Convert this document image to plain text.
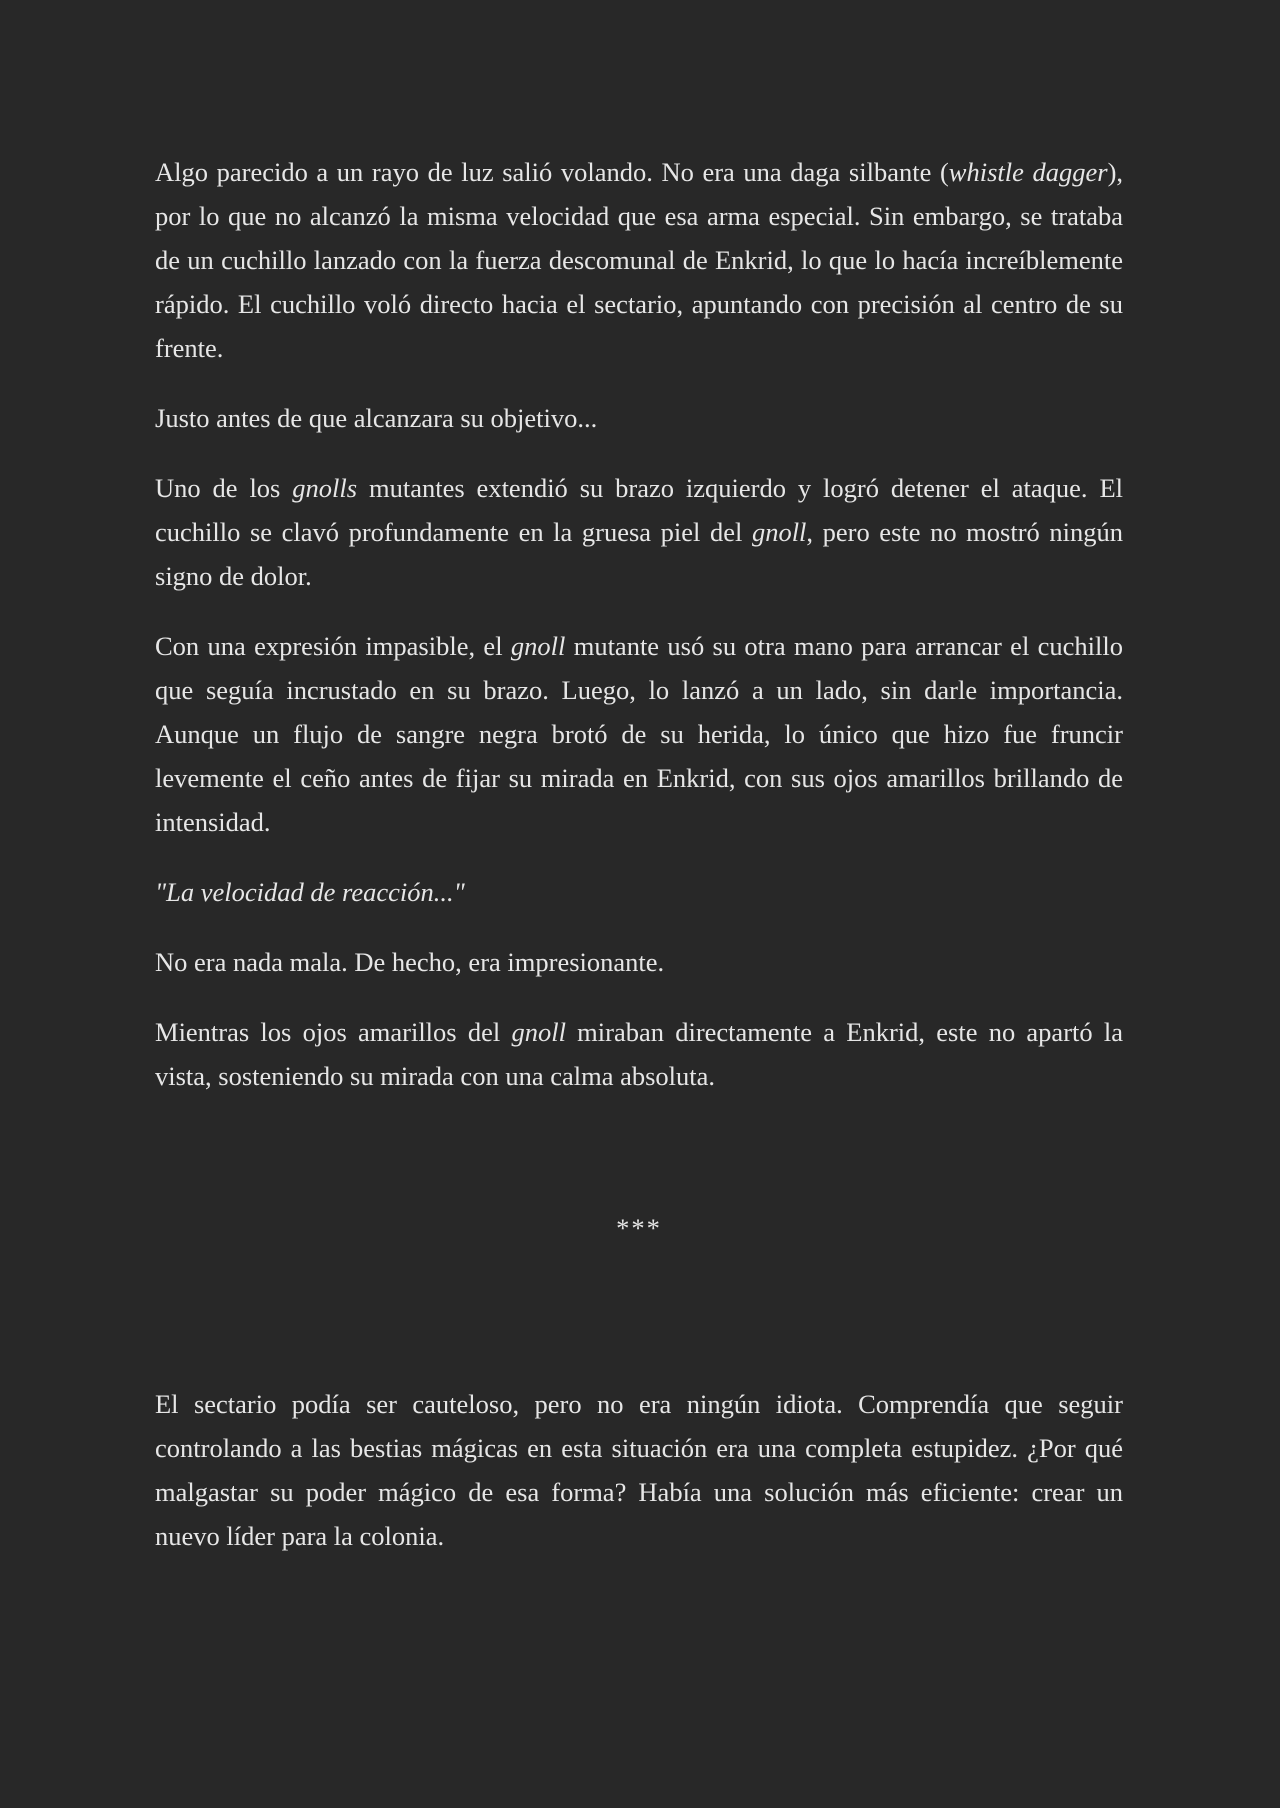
Algo parecido a un rayo de luz salió volando. No era una daga silbante (whistle dagger), por lo que no alcanzó la misma velocidad que esa arma especial. Sin embargo, se trataba de un cuchillo lanzado con la fuerza descomunal de Enkrid, lo que lo hacía increíblemente rápido. El cuchillo voló directo hacia el sectario, apuntando con precisión al centro de su frente.

Justo antes de que alcanzara su objetivo...

Uno de los gnolls mutantes extendió su brazo izquierdo y logró detener el ataque. El cuchillo se clavó profundamente en la gruesa piel del gnoll, pero este no mostró ningún signo de dolor.

Con una expresión impasible, el gnoll mutante usó su otra mano para arrancar el cuchillo que seguía incrustado en su brazo. Luego, lo lanzó a un lado, sin darle importancia. Aunque un flujo de sangre negra brotó de su herida, lo único que hizo fue fruncir levemente el ceño antes de fijar su mirada en Enkrid, con sus ojos amarillos brillando de intensidad.

"La velocidad de reacción..."

No era nada mala. De hecho, era impresionante.

Mientras los ojos amarillos del gnoll miraban directamente a Enkrid, este no apartó la vista, sosteniendo su mirada con una calma absoluta.

***

El sectario podía ser cauteloso, pero no era ningún idiota. Comprendía que seguir controlando a las bestias mágicas en esta situación era una completa estupidez. ¿Por qué malgastar su poder mágico de esa forma? Había una solución más eficiente: crear un nuevo líder para la colonia.
